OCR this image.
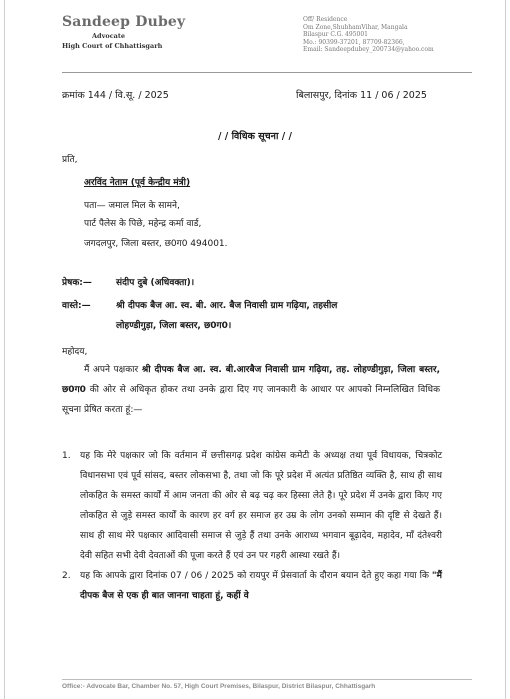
Sandeep Dubey
Advocate
High Court of Chhattisgarh
Off/ Residence
Om Zone,ShubhamVihar, Mangala
Bilaspur C.G. 495001
Mo.: 90399-37201, 87709-82366,
Email: Sandeepdubey_200734@yahoo.com
क्रमांक 144 / वि.सू. / 2025	बिलासपुर, दिनांक 11 / 06 / 2025
/ / विधिक सूचना / /
प्रति,
अरविंद नेताम (पूर्व केन्द्रीय मंत्री)
पता— जमाल मिल के सामने,
पार्ट पैलेस के पिछे, महेन्द्र कर्मा वार्ड,
जगदलपुर, जिला बस्तर, छ0ग0 494001.
प्रेषक:—	संदीप दुबे (अधिवक्ता)।
वास्ते:—	श्री दीपक बैज आ. स्व. बी. आर. बैज निवासी ग्राम गढ़िया, तहसील
लोहण्डीगुड़ा, जिला बस्तर, छ0ग0।
महोदय,
मैं अपने पक्षकार श्री दीपक बैज आ. स्व. बी.आरबैज निवासी ग्राम गढ़िया, तह. लोहण्डीगुड़ा, जिला बस्तर, छ0ग0 की ओर से अधिकृत होकर तथा उनके द्वारा दिए गए जानकारी के आधार पर आपको निम्नलिखित विधिक सूचना प्रेषित करता हूं:—
1. यह कि मेरे पक्षकार जो कि वर्तमान में छत्तीसगढ़ प्रदेश कांग्रेस कमेटी के अध्यक्ष तथा पूर्व विधायक, चित्रकोट विधानसभा एवं पूर्व सांसद, बस्तर लोकसभा है, तथा जो कि पूरे प्रदेश में अत्यंत प्रतिष्ठित व्यक्ति है, साथ ही साथ लोकहित के समस्त कार्यों में आम जनता की ओर से बढ़ चढ़ कर हिस्सा लेते है। पूरे प्रदेश में उनके द्वारा किए गए लोकहित से जुड़े समस्त कार्यों के कारण हर वर्ग हर समाज हर उम्र के लोग उनको सम्मान की दृष्टि से देखते हैं। साथ ही साथ मेरे पक्षकार आदिवासी समाज से जुड़े हैं तथा उनके आराध्य भगवान बूढ़ादेव, महादेव, माँ दंतेश्वरी देवी सहित सभी देवी देवताओं की पूजा करते हैं एवं उन पर गहरी आस्था रखते हैं।
2. यह कि आपके द्वारा दिनांक 07 / 06 / 2025 को रायपुर में प्रेसवार्ता के दौरान बयान देते हुए कहा गया कि "मैं दीपक बैज से एक ही बात जानना चाहता हूं, कहीं वे
Office:- Advocate Bar, Chamber No. 57, High Court Premises, Bilaspur, District Bilaspur, Chhattisgarh
